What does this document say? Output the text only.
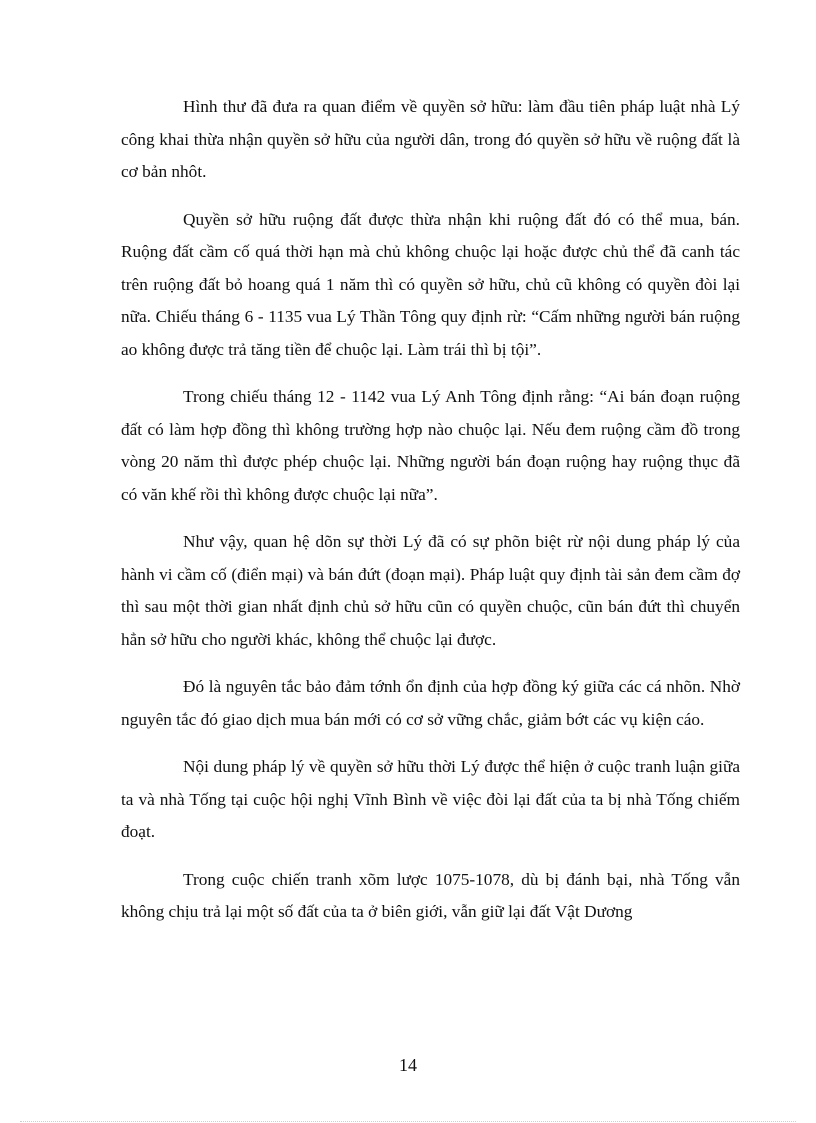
Hình thư đã đưa ra quan điểm về quyền sở hữu: làm đầu tiên pháp luật nhà Lý công khai thừa nhận quyền sở hữu của người dân, trong đó quyền sở hữu về ruộng đất là cơ bản nhôt.

Quyền sở hữu ruộng đất được thừa nhận khi ruộng đất đó có thể mua, bán. Ruộng đất cầm cố quá thời hạn mà chủ không chuộc lại hoặc được chủ thể đã canh tác trên ruộng đất bỏ hoang quá 1 năm thì có quyền sở hữu, chủ cũ không có quyền đòi lại nữa. Chiếu tháng 6 - 1135 vua Lý Thần Tông quy định rừ: “Cấm những người bán ruộng ao không được trả tăng tiền để chuộc lại. Làm trái thì bị tội”.

Trong chiếu tháng 12 - 1142 vua Lý Anh Tông định rằng: “Ai bán đoạn ruộng đất có làm hợp đồng thì không trường hợp nào chuộc lại. Nếu đem ruộng cầm đồ trong vòng 20 năm thì được phép chuộc lại. Những người bán đoạn ruộng hay ruộng thục đã có văn khế rồi thì không được chuộc lại nữa”.

Như vậy, quan hệ dõn sự thời Lý đã có sự phõn biệt rừ nội dung pháp lý của hành vi cầm cố (điển mại) và bán đứt (đoạn mại). Pháp luật quy định tài sản đem cầm đợ thì sau một thời gian nhất định chủ sở hữu cũn có quyền chuộc, cũn bán đứt thì chuyển hẳn sở hữu cho người khác, không thể chuộc lại được.

Đó là nguyên tắc bảo đảm tớnh ổn định của hợp đồng ký giữa các cá nhõn. Nhờ nguyên tắc đó giao dịch mua bán mới có cơ sở vững chắc, giảm bớt các vụ kiện cáo.

Nội dung pháp lý về quyền sở hữu thời Lý được thể hiện ở cuộc tranh luận giữa ta và nhà Tống tại cuộc hội nghị Vĩnh Bình về việc đòi lại đất của ta bị nhà Tống chiếm đoạt.

Trong cuộc chiến tranh xõm lược 1075-1078, dù bị đánh bại, nhà Tống vẫn không chịu trả lại một số đất của ta ở biên giới, vẫn giữ lại đất Vật Dương

14
